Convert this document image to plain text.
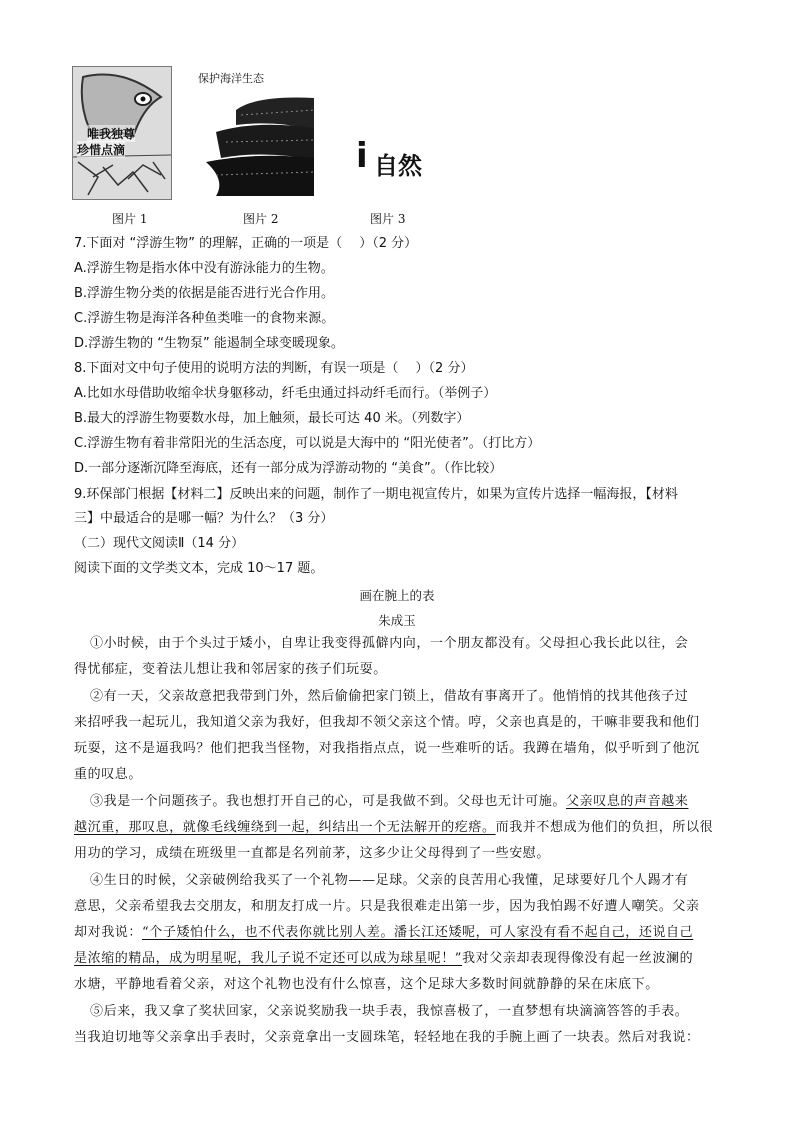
唯我独尊
珍惜点滴
保护海洋生态
i 自然
图片 1	图片 2	图片 3
7.下面对 “浮游生物” 的理解，正确的一项是（　 ）（2 分）
A.浮游生物是指水体中没有游泳能力的生物。
B.浮游生物分类的依据是能否进行光合作用。
C.浮游生物是海洋各种鱼类唯一的食物来源。
D.浮游生物的 “生物泵” 能遏制全球变暖现象。
8.下面对文中句子使用的说明方法的判断，有误一项是（　 ）（2 分）
A.比如水母借助收缩伞状身躯移动，纤毛虫通过抖动纤毛而行。（举例子）
B.最大的浮游生物要数水母，加上触须，最长可达 40 米。（列数字）
C.浮游生物有着非常阳光的生活态度，可以说是大海中的 “阳光使者”。（打比方）
D.一部分逐渐沉降至海底，还有一部分成为浮游动物的 “美食”。（作比较）
9.环保部门根据【材料二】反映出来的问题，制作了一期电视宣传片，如果为宣传片选择一幅海报，【材料
三】中最适合的是哪一幅？为什么？（3 分）
（二）现代文阅读Ⅱ（14 分）
阅读下面的文学类文本，完成 10～17 题。
画在腕上的表
朱成玉
①小时候，由于个头过于矮小，自卑让我变得孤僻内向，一个朋友都没有。父母担心我长此以往，会
得忧郁症，变着法儿想让我和邻居家的孩子们玩耍。
②有一天，父亲故意把我带到门外，然后偷偷把家门锁上，借故有事离开了。他悄悄的找其他孩子过
来招呼我一起玩儿，我知道父亲为我好，但我却不领父亲这个情。哼，父亲也真是的，干嘛非要我和他们
玩耍，这不是逼我吗？他们把我当怪物，对我指指点点，说一些难听的话。我蹲在墙角，似乎听到了他沉
重的叹息。
③我是一个问题孩子。我也想打开自己的心，可是我做不到。父母也无计可施。父亲叹息的声音越来
越沉重，那叹息，就像毛线缠绕到一起，纠结出一个无法解开的疙瘩。而我并不想成为他们的负担，所以很
用功的学习，成绩在班级里一直都是名列前茅，这多少让父母得到了一些安慰。
④生日的时候，父亲破例给我买了一个礼物——足球。父亲的良苦用心我懂，足球要好几个人踢才有
意思，父亲希望我去交朋友，和朋友打成一片。只是我很难走出第一步，因为我怕踢不好遭人嘲笑。父亲
却对我说：“个子矮怕什么，也不代表你就比别人差。潘长江还矮呢，可人家没有看不起自己，还说自己
是浓缩的精品，成为明星呢，我儿子说不定还可以成为球星呢！”我对父亲却表现得像没有起一丝波澜的
水塘，平静地看着父亲，对这个礼物也没有什么惊喜，这个足球大多数时间就静静的呆在床底下。
⑤后来，我又拿了奖状回家，父亲说奖励我一块手表，我惊喜极了，一直梦想有块滴滴答答的手表。
当我迫切地等父亲拿出手表时，父亲竟拿出一支圆珠笔，轻轻地在我的手腕上画了一块表。然后对我说：
